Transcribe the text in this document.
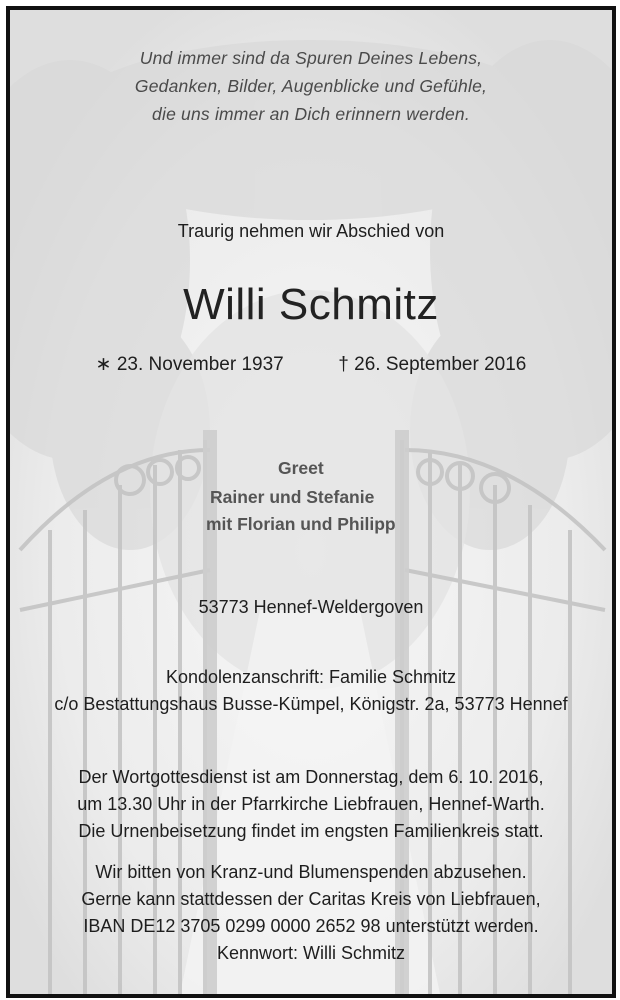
Und immer sind da Spuren Deines Lebens,
Gedanken, Bilder, Augenblicke und Gefühle,
die uns immer an Dich erinnern werden.
Traurig nehmen wir Abschied von
Willi Schmitz
∗ 23. November 1937	† 26. September 2016
Greet
Rainer und Stefanie
mit Florian und Philipp
53773 Hennef-Weldergoven
Kondolenzanschrift: Familie Schmitz
c/o Bestattungshaus Busse-Kümpel, Königstr. 2a, 53773 Hennef
Der Wortgottesdienst ist am Donnerstag, dem 6. 10. 2016,
um 13.30 Uhr in der Pfarrkirche Liebfrauen, Hennef-Warth.
Die Urnenbeisetzung findet im engsten Familienkreis statt.
Wir bitten von Kranz-und Blumenspenden abzusehen.
Gerne kann stattdessen der Caritas Kreis von Liebfrauen,
IBAN DE12 3705 0299 0000 2652 98 unterstützt werden.
Kennwort: Willi Schmitz
